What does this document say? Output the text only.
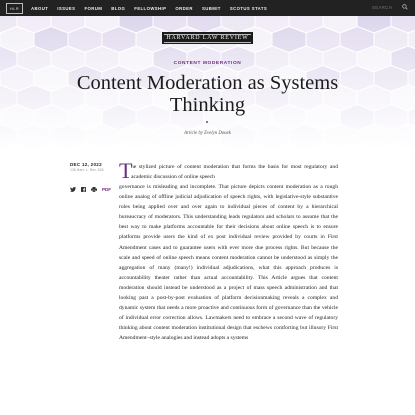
HLR	ABOUT ISSUES FORUM BLOG FELLOWSHIP ORDER SUBMIT SCOTUS STATS	SEARCH
HARVARD LAW REVIEW
CONTENT MODERATION
Content Moderation as Systems Thinking
Article by Evelyn Douek
DEC 12, 2022
136 Harv. L. Rev. 526
PDF
T

he stylized picture of content moderation that forms the basis for most regulatory and academic discussion of online speech

governance is misleading and incomplete. That picture depicts content moderation as a rough online analog of offline judicial adjudication of speech rights, with legislative-style substantive rules being applied over and over again to individual pieces of content by a hierarchical bureaucracy of moderators. This understanding leads regulators and scholars to assume that the best way to make platforms accountable for their decisions about online speech is to ensure platforms provide users the kind of ex post individual review provided by courts in First Amendment cases and to guarantee users with ever more due process rights. But because the scale and speed of online speech means content moderation cannot be understood as simply the aggregation of many (many!) individual adjudications, what this approach produces is accountability theater rather than actual accountability. This Article argues that content moderation should instead be understood as a project of mass speech administration and that looking past a post-by-post evaluation of platform decisionmaking reveals a complex and dynamic system that needs a more proactive and continuous form of governance than the vehicle of individual error correction allows. Lawmakers need to embrace a second wave of regulatory thinking about content moderation institutional design that eschews comforting but illusory First Amendment–style analogies and instead adopts a systems
